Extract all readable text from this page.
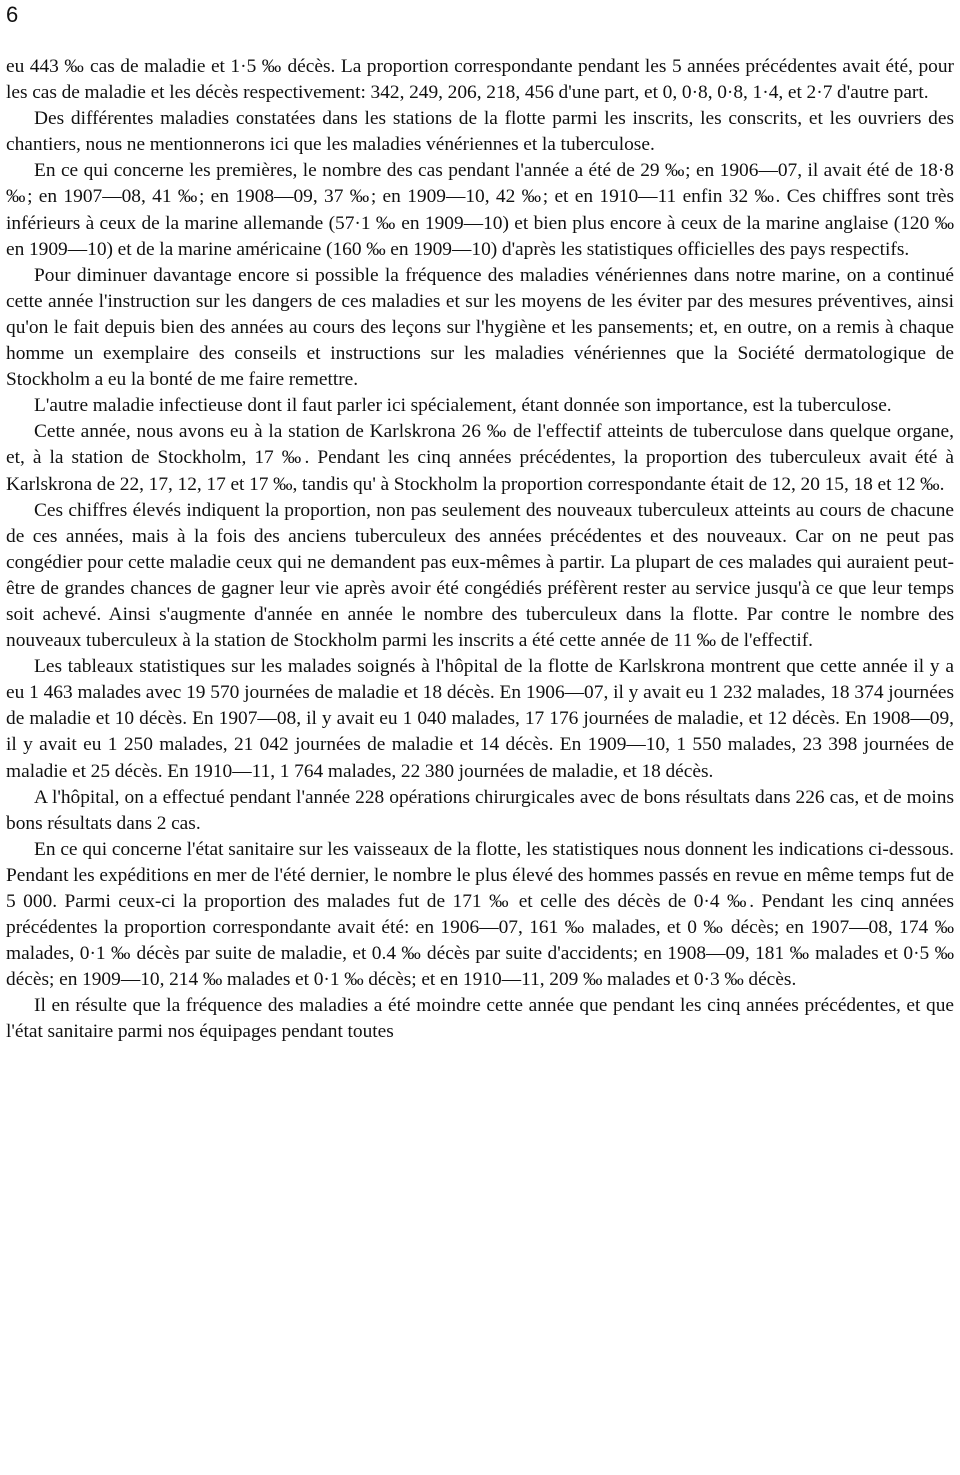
6

eu 443 ‰ cas de maladie et 1·5 ‰ décès. La proportion correspondante pendant les 5 années précédentes avait été, pour les cas de maladie et les décès respectivement: 342, 249, 206, 218, 456 d'une part, et 0, 0·8, 0·8, 1·4, et 2·7 d'autre part.

Des différentes maladies constatées dans les stations de la flotte parmi les inscrits, les conscrits, et les ouvriers des chantiers, nous ne mentionnerons ici que les maladies vénériennes et la tuberculose.

En ce qui concerne les premières, le nombre des cas pendant l'année a été de 29 ‰; en 1906—07, il avait été de 18·8 ‰; en 1907—08, 41 ‰; en 1908—09, 37 ‰; en 1909—10, 42 ‰; et en 1910—11 enfin 32 ‰. Ces chiffres sont très inférieurs à ceux de la marine allemande (57·1 ‰ en 1909—10) et bien plus encore à ceux de la marine anglaise (120 ‰ en 1909—10) et de la marine américaine (160 ‰ en 1909—10) d'après les statistiques officielles des pays respectifs.

Pour diminuer davantage encore si possible la fréquence des maladies vénériennes dans notre marine, on a continué cette année l'instruction sur les dangers de ces maladies et sur les moyens de les éviter par des mesures préventives, ainsi qu'on le fait depuis bien des années au cours des leçons sur l'hygiène et les pansements; et, en outre, on a remis à chaque homme un exemplaire des conseils et instructions sur les maladies vénériennes que la Société dermatologique de Stockholm a eu la bonté de me faire remettre.

L'autre maladie infectieuse dont il faut parler ici spécialement, étant donnée son importance, est la tuberculose.

Cette année, nous avons eu à la station de Karlskrona 26 ‰ de l'effectif atteints de tuberculose dans quelque organe, et, à la station de Stockholm, 17 ‰. Pendant les cinq années précédentes, la proportion des tuberculeux avait été à Karlskrona de 22, 17, 12, 17 et 17 ‰, tandis qu' à Stockholm la proportion correspondante était de 12, 20 15, 18 et 12 ‰.

Ces chiffres élevés indiquent la proportion, non pas seulement des nouveaux tuberculeux atteints au cours de chacune de ces années, mais à la fois des anciens tuberculeux des années précédentes et des nouveaux. Car on ne peut pas congédier pour cette maladie ceux qui ne demandent pas eux-mêmes à partir. La plupart de ces malades qui auraient peut-être de grandes chances de gagner leur vie après avoir été congédiés préfèrent rester au service jusqu'à ce que leur temps soit achevé. Ainsi s'augmente d'année en année le nombre des tuberculeux dans la flotte. Par contre le nombre des nouveaux tuberculeux à la station de Stockholm parmi les inscrits a été cette année de 11 ‰ de l'effectif.

Les tableaux statistiques sur les malades soignés à l'hôpital de la flotte de Karlskrona montrent que cette année il y a eu 1 463 malades avec 19 570 journées de maladie et 18 décès. En 1906—07, il y avait eu 1 232 malades, 18 374 journées de maladie et 10 décès. En 1907—08, il y avait eu 1 040 malades, 17 176 journées de maladie, et 12 décès. En 1908—09, il y avait eu 1 250 malades, 21 042 journées de maladie et 14 décès. En 1909—10, 1 550 malades, 23 398 journées de maladie et 25 décès. En 1910—11, 1 764 malades, 22 380 journées de maladie, et 18 décès.

A l'hôpital, on a effectué pendant l'année 228 opérations chirurgicales avec de bons résultats dans 226 cas, et de moins bons résultats dans 2 cas.

En ce qui concerne l'état sanitaire sur les vaisseaux de la flotte, les statistiques nous donnent les indications ci-dessous. Pendant les expéditions en mer de l'été dernier, le nombre le plus élevé des hommes passés en revue en même temps fut de 5 000. Parmi ceux-ci la proportion des malades fut de 171 ‰ et celle des décès de 0·4 ‰. Pendant les cinq années précédentes la proportion correspondante avait été: en 1906—07, 161 ‰ malades, et 0 ‰ décès; en 1907—08, 174 ‰ malades, 0·1 ‰ décès par suite de maladie, et 0.4 ‰ décès par suite d'accidents; en 1908—09, 181 ‰ malades et 0·5 ‰ décès; en 1909—10, 214 ‰ malades et 0·1 ‰ décès; et en 1910—11, 209 ‰ malades et 0·3 ‰ décès.

Il en résulte que la fréquence des maladies a été moindre cette année que pendant les cinq années précédentes, et que l'état sanitaire parmi nos équipages pendant toutes
